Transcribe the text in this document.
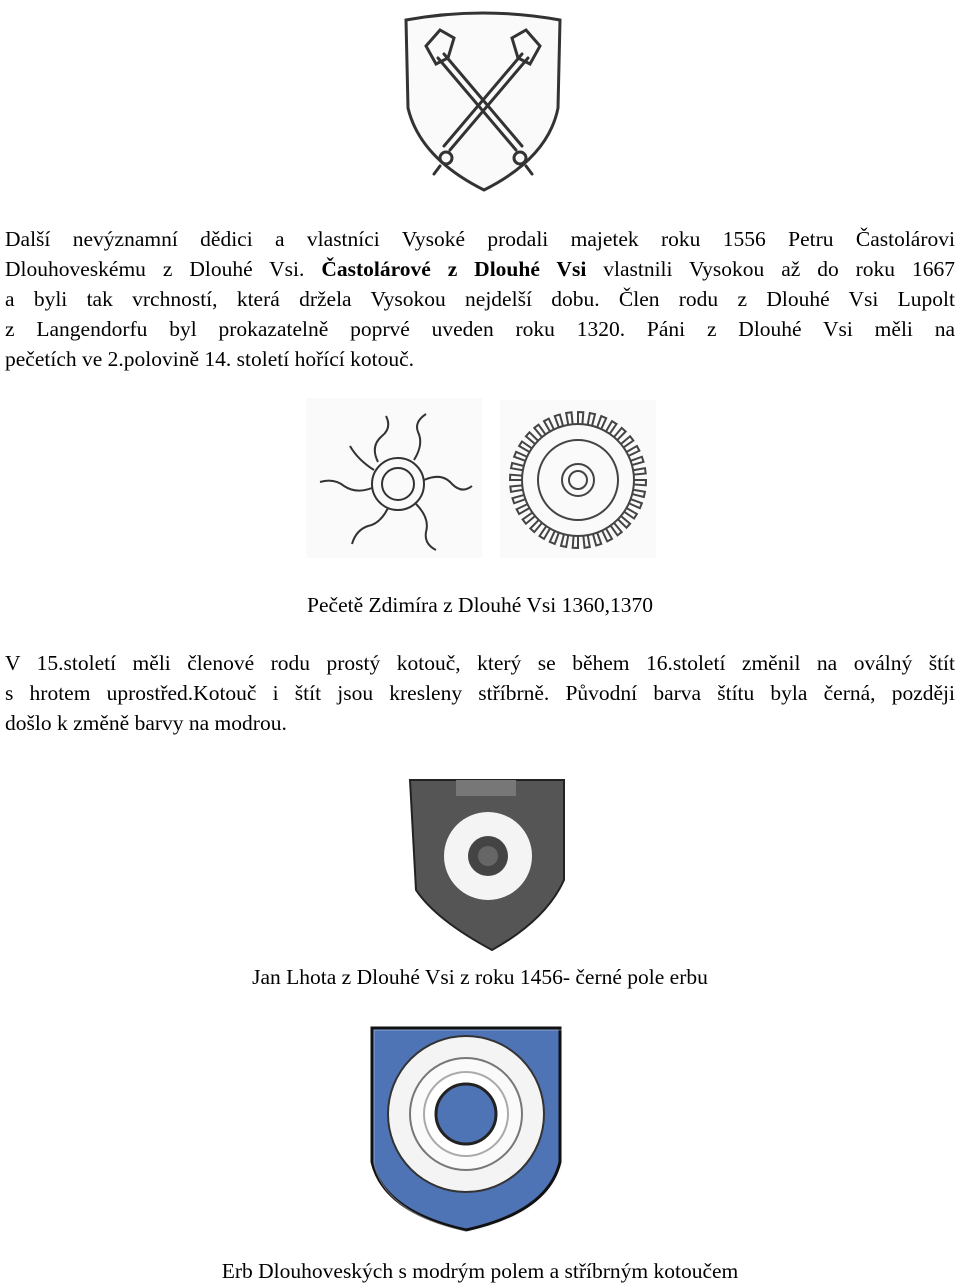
Další nevýznamní dědici a vlastníci Vysoké prodali majetek roku 1556 Petru Častolárovi
Dlouhoveskému z Dlouhé Vsi. Častolárové z Dlouhé Vsi vlastnili Vysokou až do roku 1667
a byli tak vrchností, která držela Vysokou nejdelší dobu. Člen rodu z Dlouhé Vsi Lupolt
z Langendorfu byl prokazatelně poprvé uveden roku 1320. Páni z Dlouhé Vsi měli na
pečetích ve 2.polovině 14. století hořící kotouč.
Pečetě Zdimíra z Dlouhé Vsi 1360,1370
V 15.století měli členové rodu prostý kotouč, který se během 16.století změnil na oválný štít
s hrotem uprostřed.Kotouč i štít jsou kresleny stříbrně. Původní barva štítu byla černá, později
došlo k změně barvy na modrou.
Jan Lhota z Dlouhé Vsi z roku 1456- černé pole erbu
Erb Dlouhoveských s modrým polem a stříbrným kotoučem
